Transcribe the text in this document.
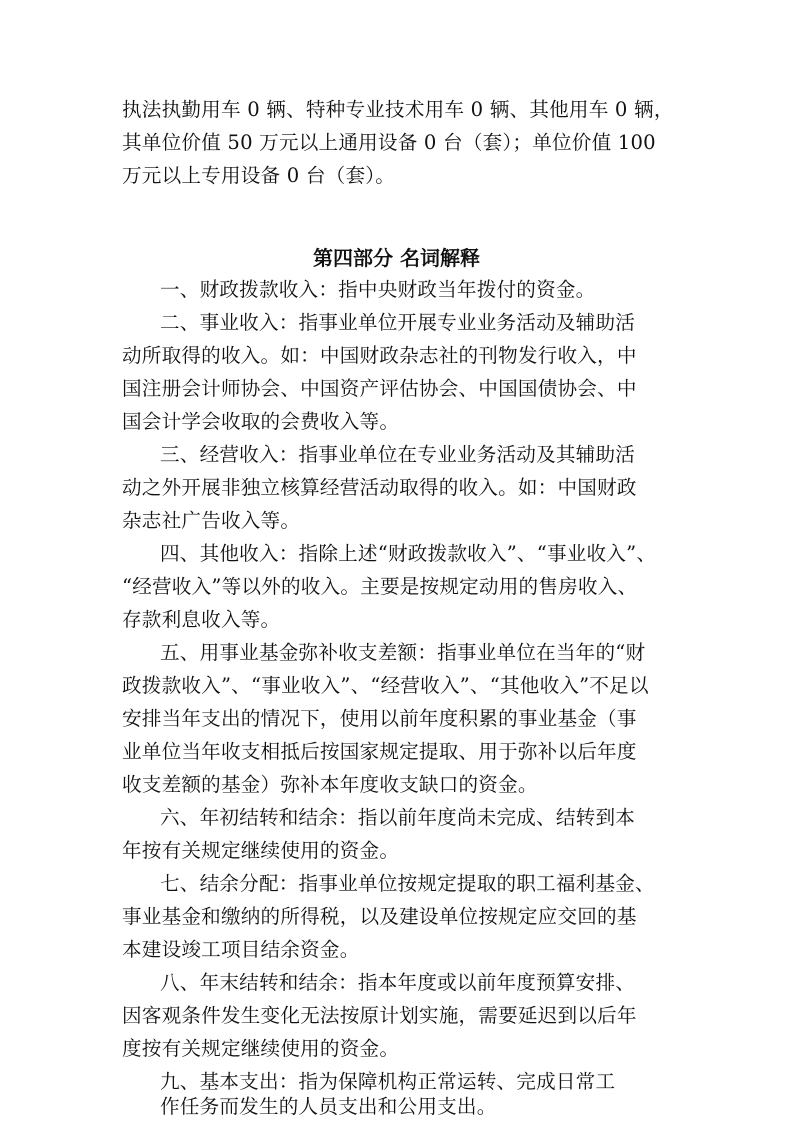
执法执勤用车 0 辆、特种专业技术用车 0 辆、其他用车 0 辆，
其单位价值 50 万元以上通用设备 0 台（套）；单位价值 100
万元以上专用设备 0 台（套）。
第四部分 名词解释
一、财政拨款收入：指中央财政当年拨付的资金。
二、事业收入：指事业单位开展专业业务活动及辅助活
动所取得的收入。如：中国财政杂志社的刊物发行收入，中
国注册会计师协会、中国资产评估协会、中国国债协会、中
国会计学会收取的会费收入等。
三、经营收入：指事业单位在专业业务活动及其辅助活
动之外开展非独立核算经营活动取得的收入。如：中国财政
杂志社广告收入等。
四、其他收入：指除上述“财政拨款收入”、“事业收入”、
“经营收入”等以外的收入。主要是按规定动用的售房收入、
存款利息收入等。
五、用事业基金弥补收支差额：指事业单位在当年的“财
政拨款收入”、“事业收入”、“经营收入”、“其他收入”不足以
安排当年支出的情况下，使用以前年度积累的事业基金（事
业单位当年收支相抵后按国家规定提取、用于弥补以后年度
收支差额的基金）弥补本年度收支缺口的资金。
六、年初结转和结余：指以前年度尚未完成、结转到本
年按有关规定继续使用的资金。
七、结余分配：指事业单位按规定提取的职工福利基金、
事业基金和缴纳的所得税，以及建设单位按规定应交回的基
本建设竣工项目结余资金。
八、年末结转和结余：指本年度或以前年度预算安排、
因客观条件发生变化无法按原计划实施，需要延迟到以后年
度按有关规定继续使用的资金。
九、基本支出：指为保障机构正常运转、完成日常工
作任务而发生的人员支出和公用支出。
